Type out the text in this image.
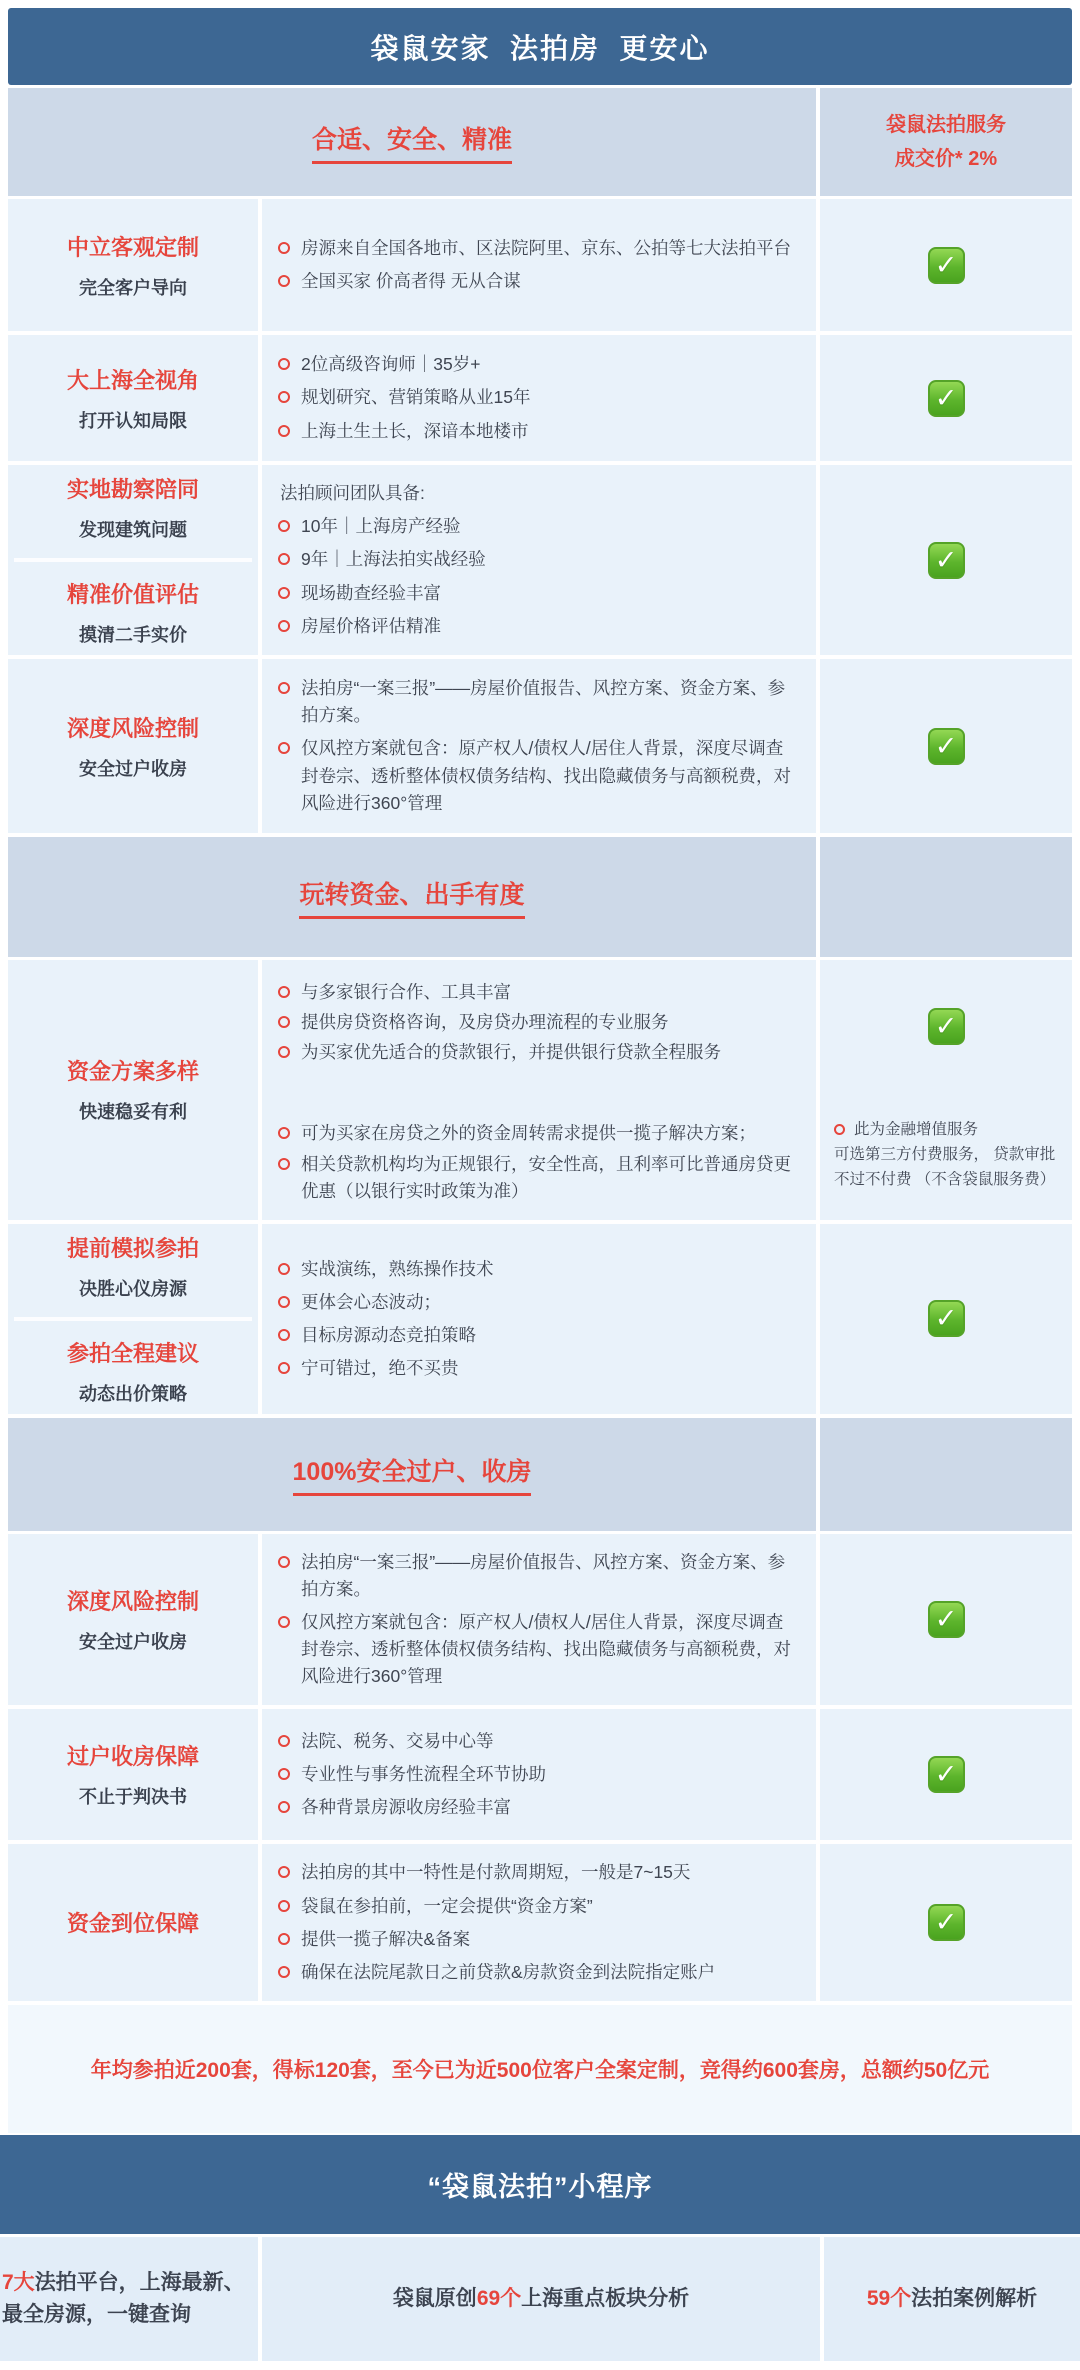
袋鼠安家  法拍房  更安心
合适、安全、精准
袋鼠法拍服务
成交价* 2%
中立客观定制
完全客户导向
房源来自全国各地市、区法院阿里、京东、公拍等七大法拍平台
全国买家 价高者得 无从合谋
✓
大上海全视角
打开认知局限
2位高级咨询师｜35岁+
规划研究、营销策略从业15年
上海土生土长，深谙本地楼市
✓
实地勘察陪同
发现建筑问题
精准价值评估
摸清二手实价
法拍顾问团队具备:
10年｜上海房产经验
9年｜上海法拍实战经验
现场勘查经验丰富
房屋价格评估精准
✓
深度风险控制
安全过户收房
法拍房“一案三报”——房屋价值报告、风控方案、资金方案、参拍方案。
仅风控方案就包含：原产权人/债权人/居住人背景，深度尽调查封卷宗、透析整体债权债务结构、找出隐藏债务与高额税费，对风险进行360°管理
✓
玩转资金、出手有度
资金方案多样
快速稳妥有利
与多家银行合作、工具丰富
提供房贷资格咨询，及房贷办理流程的专业服务
为买家优先适合的贷款银行，并提供银行贷款全程服务
可为买家在房贷之外的资金周转需求提供一揽子解决方案；
相关贷款机构均为正规银行，安全性高，且利率可比普通房贷更优惠（以银行实时政策为准）
✓
此为金融增值服务
可选第三方付费服务， 贷款审批不过不付费 （不含袋鼠服务费）
提前模拟参拍
决胜心仪房源
参拍全程建议
动态出价策略
实战演练，熟练操作技术
更体会心态波动；
目标房源动态竞拍策略
宁可错过，绝不买贵
✓
100%安全过户、收房
深度风险控制
安全过户收房
法拍房“一案三报”——房屋价值报告、风控方案、资金方案、参拍方案。
仅风控方案就包含：原产权人/债权人/居住人背景，深度尽调查封卷宗、透析整体债权债务结构、找出隐藏债务与高额税费，对风险进行360°管理
✓
过户收房保障
不止于判决书
法院、税务、交易中心等
专业性与事务性流程全环节协助
各种背景房源收房经验丰富
✓
资金到位保障
法拍房的其中一特性是付款周期短，一般是7~15天
袋鼠在参拍前，一定会提供“资金方案”
提供一揽子解决&备案
确保在法院尾款日之前贷款&房款资金到法院指定账户
✓
年均参拍近200套，得标120套，至今已为近500位客户全案定制，竞得约600套房，总额约50亿元
“袋鼠法拍”小程序
7大法拍平台，上海最新、最全房源，一键查询
袋鼠原创69个上海重点板块分析	59个法拍案例解析
